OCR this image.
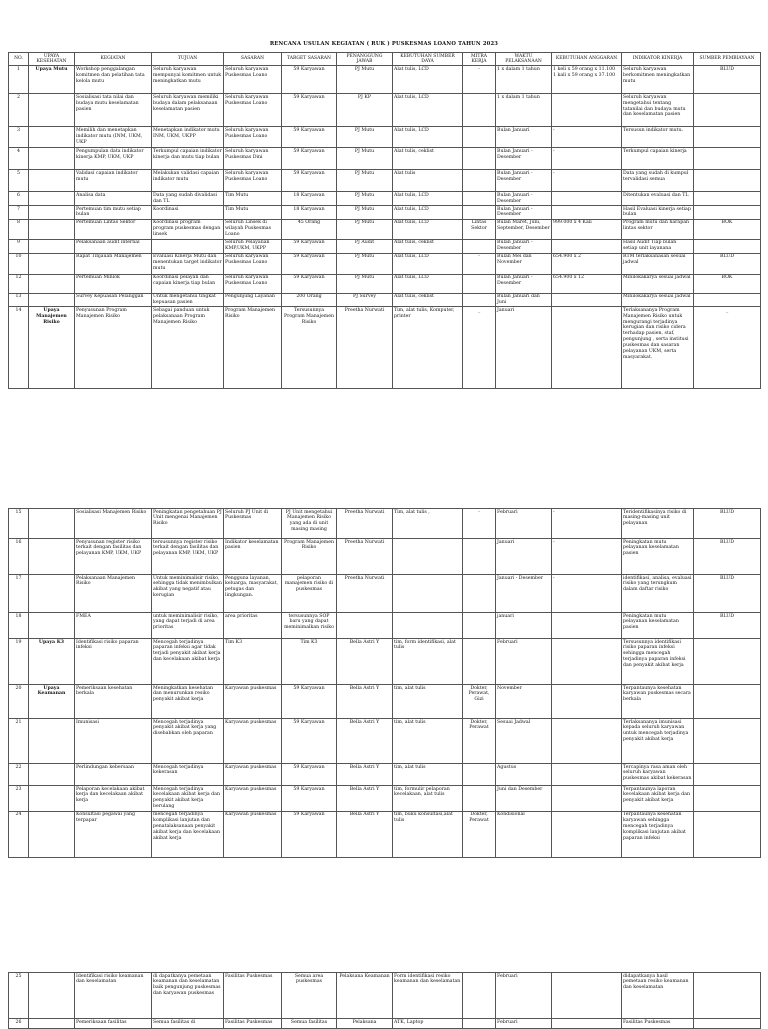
RENCANA USULAN KEGIATAN ( RUK ) PUSKESMAS LOANO TAHUN 2023
NO.	UPAYA KESEHATAN	KEGIATAN	TUJUAN	SASARAN	TARGET SASARAN	PENANGGUNG JAWAB	KEBUTUHAN SUMBER DAYA	MITRA KERJA	WAKTU PELAKSANAAN	KEBUTUHAN ANGGARAN	INDIKATOR KINERJA	SUMBER PEMBIAYAAN
1	Upaya Mutu	Workshop penggalangan komitmen dan pelatihan tata kelola mutu	Seluruh karyawan mempunyai komitmen untuk meningkatkan mutu	Seluruh karyawan Puskesmas Loano	59 Karyawan	PJ Mutu	Alat tulis, LCD	-	1 x dalam 1 tahun	1 keli x 59 orang x 11.100
1 kali x 59 orang x 37.100	Seluruh karyawan berkomitmen meningkatkan mutu	BLUD
2		Sosialisasi tata nilai dan budaya mutu keselamatan pasien	Seluruh karyawan memiliki budaya dalam pelaksanaan keselamatan pasien	Seluruh karyawan Puskesmas Loano	59 Karyawan	PJ KP	Alat tulis, LCD		1 x dalam 1 tahun		Seluruh karyawan mengetahui tentang tatanilai dan budaya mutu dan keselamatan pasien	
3		Memilih dan menetapkan indikator mutu (INM, UKM, UKP	Menetapkan indikator mutu INM, UKM, UKPP	Seluruh karyawan Puskesmas Loano	59 Karyawan	PJ Mutu	Alat tulis, LCD		Bulan Januari	-	Tersusun indikator mutu.	
4		Pengumpulan data indikator kinerja KMP, UKM, UKP	Terkumpul capaian indikator kinerja dan mutu tiap bulan	Seluruh karyawan Puskesmas Dini	59 Karyawan	PJ Mutu	Alat tulis, ceklist		Bulan Januari - Desember	-	Terkumpul capaian kinerja	
5		Validasi capaian indikator mutu	Melakukan validasi capaian indikator mutu	Seluruh karyawan Puskesmas Loano	59 Karyawan	PJ Mutu	Alat tulis		Bulan Januari - Desember	-	Data yang sudah di kumpul tervalidasi semua	
6		Analisa data	Data yang sudah divalidasi dan TL	Tim Mutu	18 Karyawan	PJ Mutu	Alat tulis, LCD		Bulan Januari - Desember		Ditentukan evaluasi dan TL	
7		Pertemuan tim mutu setiap bulan	Koordinasi	Tim Mutu	18 Karyawan	PJ Mutu	Alat tulis, LCD		Bulan Januari - Desember		Hasil Evaluasi kinerja setiap bulan	
8		Pertemuan Lintas Sektor	Koordinasi program program puskesmas dengan linsek	Seluruh Linsek di wilayah Puskesmas Loano	45 Orang	PJ Mutu	Alat tulis, LCD	Lintas Sektor	Bulan Maret, Juni, September, Desember	999.000 x 4 Kali	Program mutu dan harapan lintas sektor	BOK
9		Pelaksanaan audit internal		Seluruh Pelayanan KMP,UKM, UKPP	59 Karyawan	PJ Audit	Alat tulis, ceklist		Bulan Januari - Desember		Hasil Audit Tiap bulan setiap unit layanana	
10		Rapat Tinjauan Manajemen	Evaluasi Kinerja Mutu dan menentukan target indikator mutu	Seluruh karyawan Puskesmas Loano	59 Karyawan	PJ Mutu	Alat tulis, LCD	-	Bulan Mei dan November	654.900 x 2	RTM terlaksanasan sesuai jadwal	BLUD
12		Pertemuan Minlok	Koordinasi pelayan dan capaian kinerja tiap bulan	Seluruh karyawan Puskesmas Loano	59 Karyawan	PJ Mutu	Alat tulis, LCD		Bulan Januari - Desember	654.900 x 12	Minilokakarya sesuai jadwal	BOK
13		Survey Kepuasan Pelanggan	Untuk mengetahui tingkat kepuasan pasien	Pengunjung Layanan	200 Orang	PJ Survey	Alat tulis, ceklist		Bulan Januari dan Juni		Minilokakarya sesuai jadwal	
14	Upaya Manajemen Risiko	Penyusunan Program Manajemen Risiko	Sebagai panduan untuk pelaksanaan Program Manajemen Risiko	Program Manajemen Risiko	Tersusunnya Program Manajemen Risiko	Preetha Nurwati	Tim, alat tulis, Komputer, printer	_	Januari		Terlaksananya Program Manajemen Risiko untuk mengurangi terjadinya kerugian dan risiko cidera terhadap pasien, staf, pengunjung , serta institusi puskesmas dan sasaran pelayanan UKM, serta masyarakat.	_
15		Sosialisasi Manajemen Risiko	Peningkatan pengetahuan PJ Unit mengenai Manajemen Risiko	Seluruh PJ Unit di Puskesmas	PJ Unit mengetahui Manajemen Risiko yang ada di unit masing masing	Preetha Nurwati	Tim, alat tulis ,	-	Februari	-	Teridentifikasinya risiko di masing-masing unit pelayanan	BLUD
16		Penyusunan register risiko terkait dengan fasilitas dan pelayanan KMP, UKM, UKP	tersusunnya register risiko terkait dengan fasilitas dan pelayanan KMP, UKM, UKP	Indikator keselamatan pasien	Program Manajemen Risiko	Preetha Nurwati			Januari	-	Peningkatan mutu pelayanan keselamatan pasien	BLUD
17		Pelaksanaan Manajemen Risiko	Untuk meminimalisir risiko, sehingga tidak menimbulkan akibat yang negatif atau kerugian	Pengguna layanan, keluarga, masyarakat, petugas dan lingkungan.	pelaporan manajemen risiko di puskesmas	Preetha Nurwati			Januari - Desember	-	identifikasi, analisa, evaluasi risiko yang terungkum dalam daftar risiko	BLUD
18		FMEA	untuk meminimalisir risiko, yang dapat terjadi di area prioritas	area prioritas	tersusunnya SOP baru yang dapat meminimalkan risiko				januari		Peningkatan mutu pelayanan keselamatan pasien	BLUD
19	Upaya K3	Identifikasi risiko paparan infeksi	Mencegah terjadinya paparan infeksi agar tidak terjadi penyakit akibat kerja dan kecelakaan akibat kerja	Tim K3	Tim K3	Bella Astri Y	tim, form identifikasi, alat tulis		Februari		Tersusunnya identifikasi risiko paparan infeksi sehingga mencegah terjadinya paparan infeksi dan penyakit akibat kerja	
20	Upaya Keamanan	Pemeriksaan kesehatan berkala	Meningkatkan kesehatan dan menurunkan resiko penyakit akibat kerja	Karyawan puskesmas	59 Karyawan	Bella Astri Y	tim, alat tulis	Dokter, Perawat, Gizi	November		Terpantaunya kesehatan karyawan puskesmas secara berkala	
21		Imunisasi	Mencegah terjadinya penyakit akibat kerja yang disebabkan oleh paparan	Karyawan puskesmas	59 Karyawan	Bella Astri Y	tim, alat tulis	Dokter, Perawat	Sesuai Jadwal		Terlaksananya imunisasi kepada seluruh karyawan untuk mencegah terjadinya penyakit akibat kerja	
22		Perlindungan kebersaan	Mencegah terjadinya kekerasan	Karyawan puskesmas	59 Karyawan	Bella Astri Y	tim, alat tulis		Agustus		Tercapinya rasa aman oleh seluruh karyawan puskesmas akibat kekerasan	
23		Pelaporan kecelakaan akibat kerja dan kecelakaan akibat kerja	Mencegah terjadinya kecelakaan akibat kerja dan penyakit akibat kerja berulang	Karyawan puskesmas	59 Karyawan	Bella Astri Y	tim, formulir pelaporan kecelakaan, alat tulis		Juni dan Desember		Terpantaunya laporan kecelakaan akibat kerja dan penyakit akibat kerja	
24		Konsultasi pegawai yang terpapar	mencegah terjadinya komplikasi lanjutan dan penatalaksanaan penyakit akibat kerja dan kecelakaan akibat kerja	Karyawan puskesmas	59 Karyawan	Bella Astri Y	tim, buku konsultasi,alat tulis	Dokter, Perawat	Kondisional		Terpantaunya kesehatan karyawan sehingga mencegah terjadinya komplikasi lanjutan akibat paparan infeksi	
25		Identifikasi risiko keamanan dan keselamatan	di dapatkanya pemetaan keamanan dan keselamatan baik pengunjung puskesmas dan karyawan puskesmas	Fasilitas Puskesmas	Semua area puskesmas	Pelaksana Keamanan	Form identifikasi resiko keamanan dan keselamatan		Februari		didapatkanya hasil pemetaan resiko keamanan dan keselamatan	
26		Pemeriksaan fasilitas	Semua fasilitas di	Fasilitas Puskesmas	Semua fasilitas	Pelaksana	ATK, Laptop		Februari		Fasilitas Puskesmas	
